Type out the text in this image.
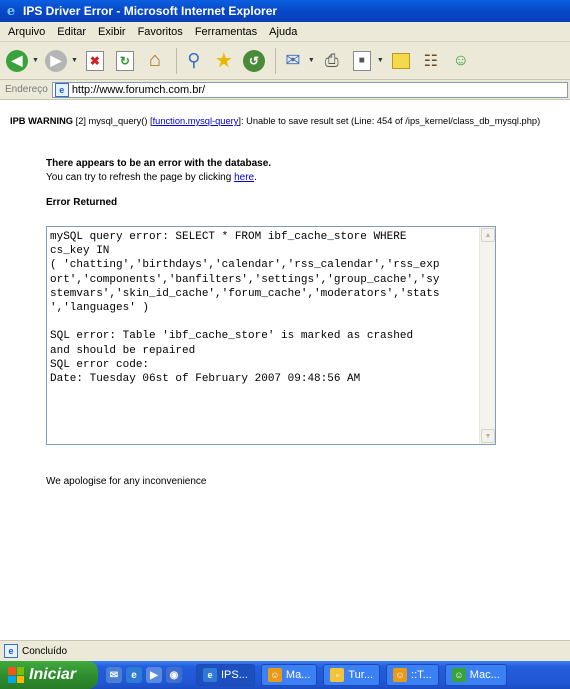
e IPS Driver Error - Microsoft Internet Explorer
Arquivo	Editar	Exibir	Favoritos	Ferramentas	Ajuda
◀	▼ ▶	▼ ✖	↻ ⌂ ⚲ ★	↺	✉ ▼ ⎙	■	▼ ☷ ☺
Endereço	e http://www.forumch.com.br/
IPB WARNING [2] mysql_query() [function.mysql-query]: Unable to save result set (Line: 454 of /ips_kernel/class_db_mysql.php)
There appears to be an error with the database.
You can try to refresh the page by clicking here.
Error Returned
mySQL query error: SELECT * FROM ibf_cache_store WHERE
cs_key IN
( 'chatting','birthdays','calendar','rss_calendar','rss_exp
ort','components','banfilters','settings','group_cache','sy
stemvars','skin_id_cache','forum_cache','moderators','stats
','languages' )

SQL error: Table 'ibf_cache_store' is marked as crashed
and should be repaired
SQL error code:
Date: Tuesday 06st of February 2007 09:48:56 AM
▲
▼
We apologise for any inconvenience
e Concluído
Iniciar	✉	e	▶	◉	e IPS... ☺ Ma...	▫ Tur... ☺ ::T... ☺ Mac...
